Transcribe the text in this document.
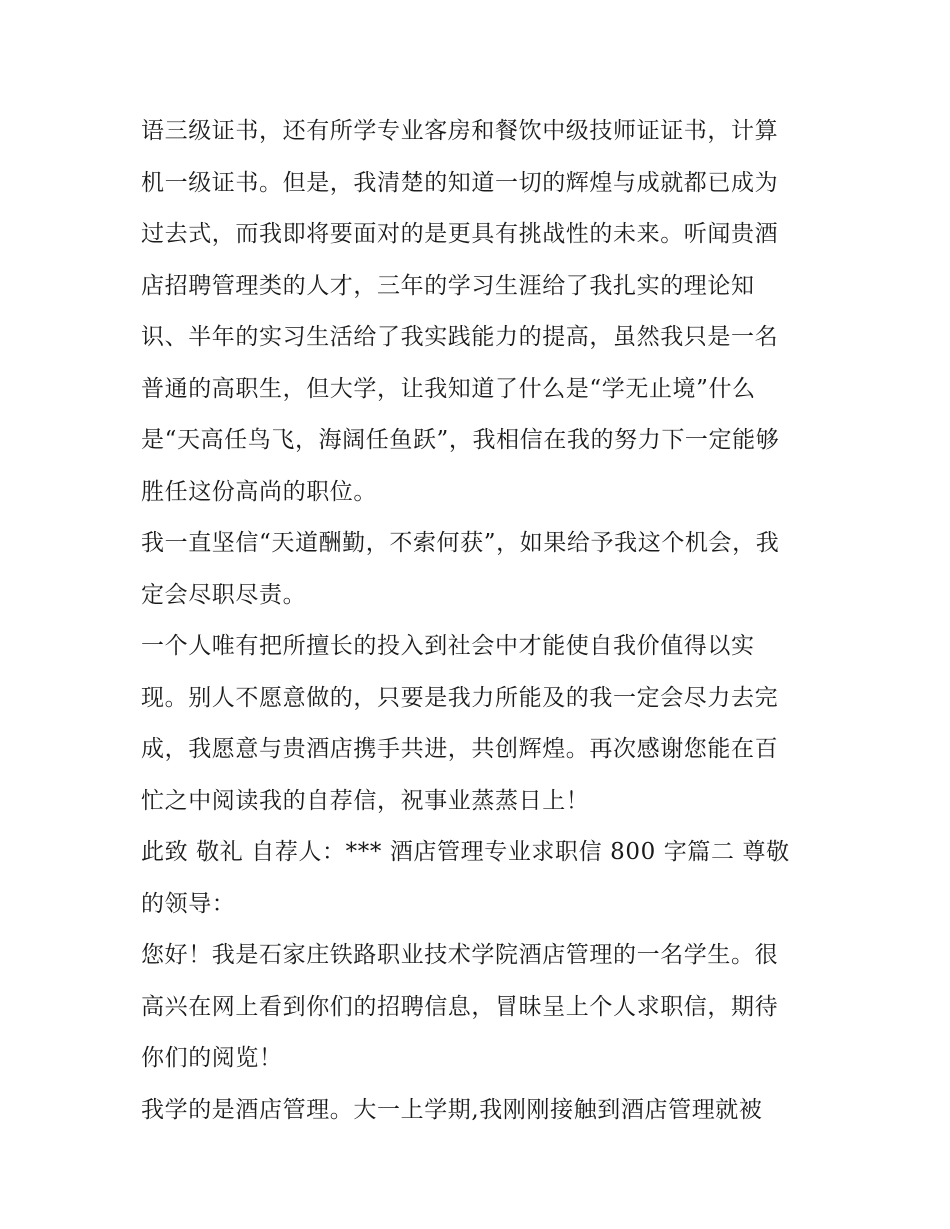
语三级证书，还有所学专业客房和餐饮中级技师证证书，计算
机一级证书。但是，我清楚的知道一切的辉煌与成就都已成为
过去式，而我即将要面对的是更具有挑战性的未来。听闻贵酒
店招聘管理类的人才，三年的学习生涯给了我扎实的理论知
识、半年的实习生活给了我实践能力的提高，虽然我只是一名
普通的高职生，但大学，让我知道了什么是“学无止境”什么
是“天高任鸟飞，海阔任鱼跃”，我相信在我的努力下一定能够
胜任这份高尚的职位。
我一直坚信“天道酬勤，不索何获”，如果给予我这个机会，我
定会尽职尽责。
一个人唯有把所擅长的投入到社会中才能使自我价值得以实
现。别人不愿意做的，只要是我力所能及的我一定会尽力去完
成，我愿意与贵酒店携手共进，共创辉煌。再次感谢您能在百
忙之中阅读我的自荐信，祝事业蒸蒸日上！
此致 敬礼 自荐人：*** 酒店管理专业求职信 800 字篇二 尊敬
的领导：
您好！我是石家庄铁路职业技术学院酒店管理的一名学生。很
高兴在网上看到你们的招聘信息，冒昧呈上个人求职信，期待
你们的阅览！
我学的是酒店管理。大一上学期,我刚刚接触到酒店管理就被
